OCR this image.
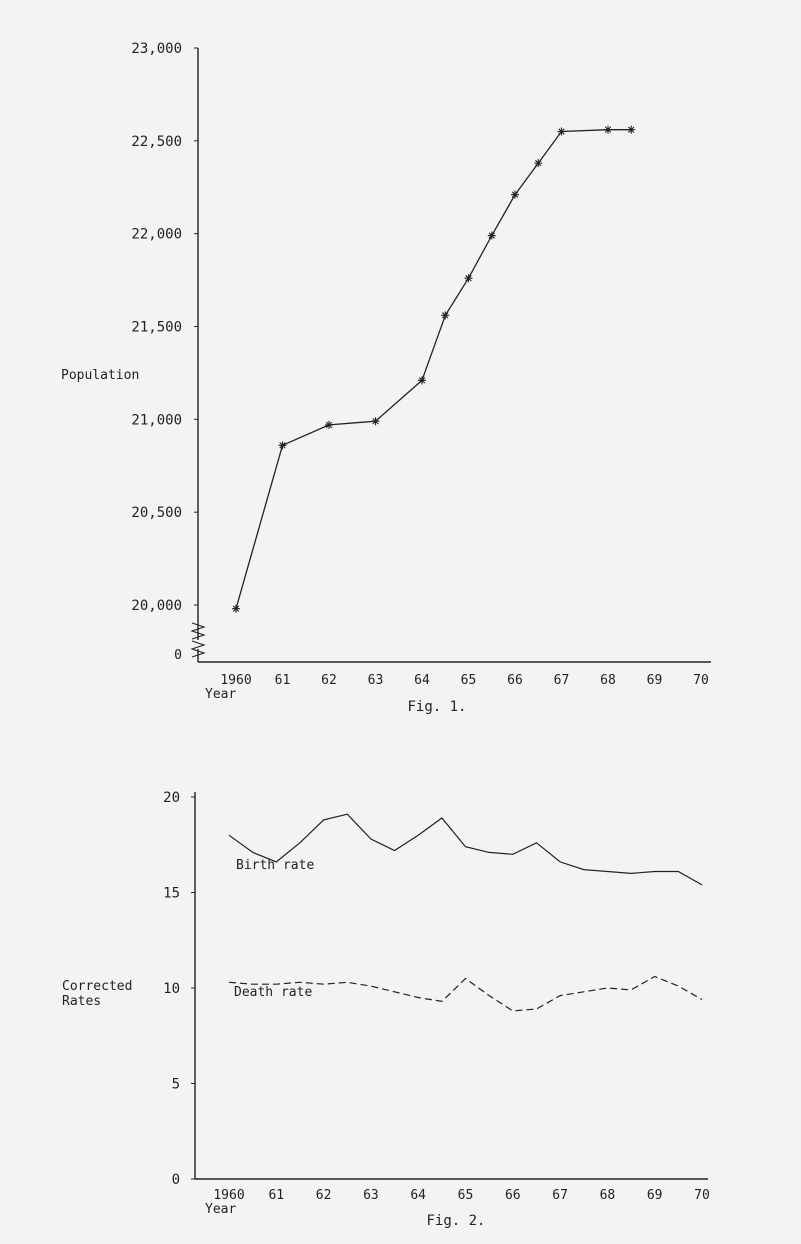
Population
Year
Fig. 1.
Corrected Rates
Year
Fig. 2.
Birth rate
Death rate
0
20,000
20,500
21,000
21,500
22,000
22,500
23,000
1960 61 62 63 64 65 66 67 68 69 70
0
5
10
15
20
1960 61 62 63 64 65 66 67 68 69 70
